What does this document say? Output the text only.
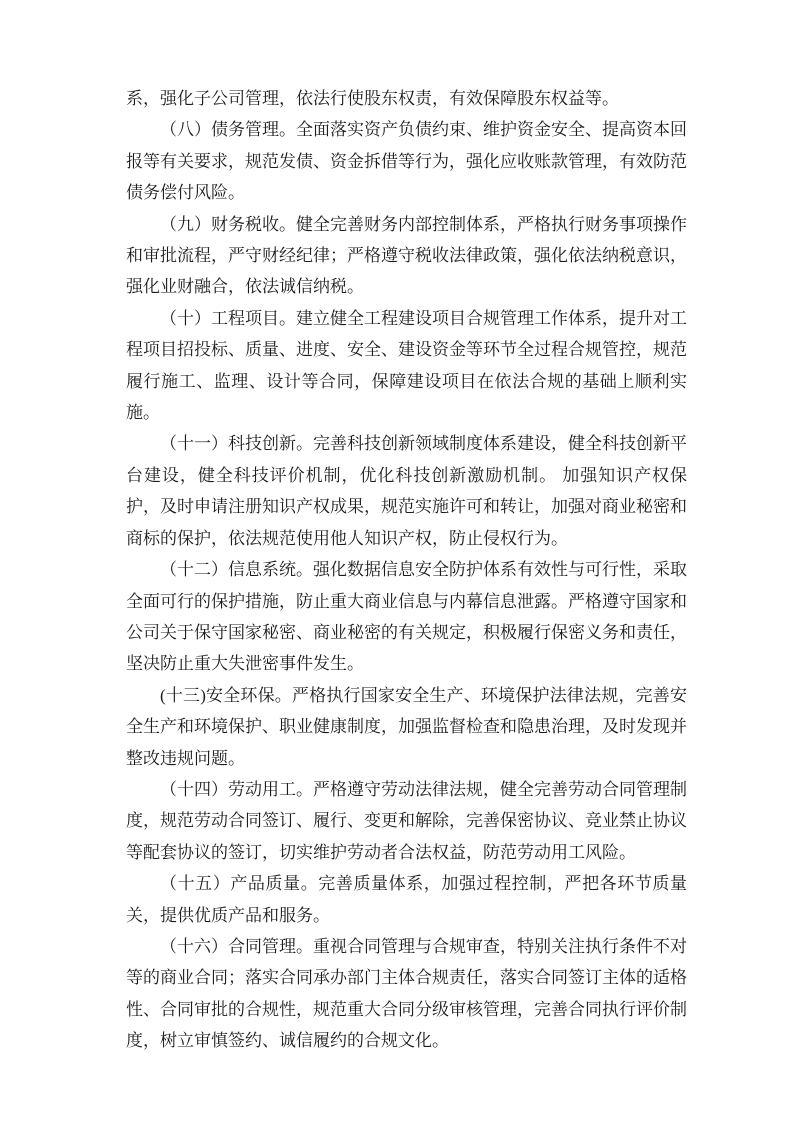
系，强化子公司管理，依法行使股东权责，有效保障股东权益等。

（八）债务管理。全面落实资产负债约束、维护资金安全、提高资本回报等有关要求，规范发债、资金拆借等行为，强化应收账款管理，有效防范债务偿付风险。

（九）财务税收。健全完善财务内部控制体系，严格执行财务事项操作和审批流程，严守财经纪律；严格遵守税收法律政策，强化依法纳税意识，强化业财融合，依法诚信纳税。

（十）工程项目。建立健全工程建设项目合规管理工作体系，提升对工程项目招投标、质量、进度、安全、建设资金等环节全过程合规管控，规范履行施工、监理、设计等合同，保障建设项目在依法合规的基础上顺利实施。

（十一）科技创新。完善科技创新领域制度体系建设，健全科技创新平台建设，健全科技评价机制，优化科技创新激励机制。 加强知识产权保护，及时申请注册知识产权成果，规范实施许可和转让，加强对商业秘密和商标的保护，依法规范使用他人知识产权，防止侵权行为。

（十二）信息系统。强化数据信息安全防护体系有效性与可行性，采取全面可行的保护措施，防止重大商业信息与内幕信息泄露。严格遵守国家和公司关于保守国家秘密、商业秘密的有关规定，积极履行保密义务和责任，坚决防止重大失泄密事件发生。

(十三)安全环保。严格执行国家安全生产、环境保护法律法规，完善安全生产和环境保护、职业健康制度，加强监督检查和隐患治理，及时发现并整改违规问题。

（十四）劳动用工。严格遵守劳动法律法规，健全完善劳动合同管理制度，规范劳动合同签订、履行、变更和解除，完善保密协议、竞业禁止协议等配套协议的签订，切实维护劳动者合法权益，防范劳动用工风险。

（十五）产品质量。完善质量体系，加强过程控制，严把各环节质量关，提供优质产品和服务。

（十六）合同管理。重视合同管理与合规审查，特别关注执行条件不对等的商业合同；落实合同承办部门主体合规责任，落实合同签订主体的适格性、合同审批的合规性，规范重大合同分级审核管理，完善合同执行评价制度，树立审慎签约、诚信履约的合规文化。
